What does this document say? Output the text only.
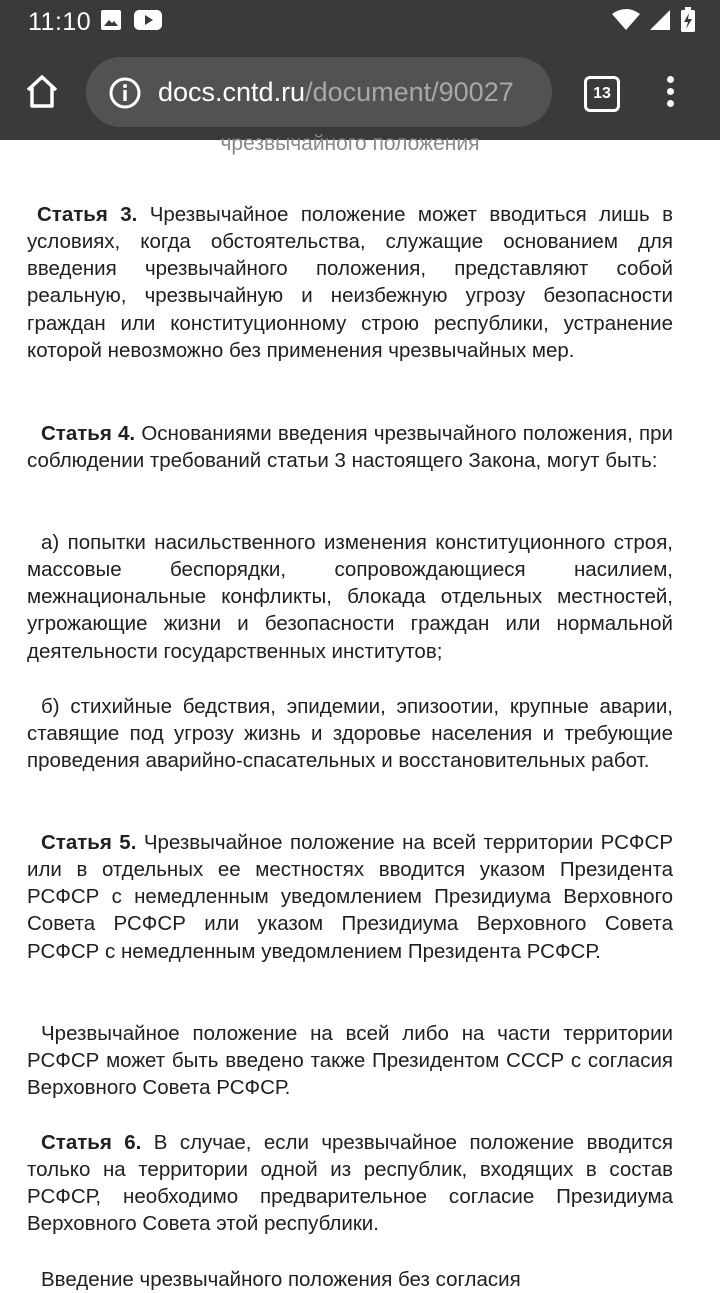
11:10
docs.cntd.ru/document/90027	13
чрезвычайного положения

Статья 3. Чрезвычайное положение может вводиться лишь в условиях, когда обстоятельства, служащие основанием для введения чрезвычайного положения, представляют собой реальную, чрезвычайную и неизбежную угрозу безопасности граждан или конституционному строю республики, устранение которой невозможно без применения чрезвычайных мер.

Статья 4. Основаниями введения чрезвычайного положения, при соблюдении требований статьи 3 настоящего Закона, могут быть:

а) попытки насильственного изменения конституционного строя, массовые беспорядки, сопровождающиеся насилием, межнациональные конфликты, блокада отдельных местностей, угрожающие жизни и безопасности граждан или нормальной деятельности государственных институтов;

б) стихийные бедствия, эпидемии, эпизоотии, крупные аварии, ставящие под угрозу жизнь и здоровье населения и требующие проведения аварийно-спасательных и восстановительных работ.

Статья 5. Чрезвычайное положение на всей территории РСФСР или в отдельных ее местностях вводится указом Президента РСФСР с немедленным уведомлением Президиума Верховного Совета РСФСР или указом Президиума Верховного Совета РСФСР с немедленным уведомлением Президента РСФСР.

Чрезвычайное положение на всей либо на части территории РСФСР может быть введено также Президентом СССР с согласия Верховного Совета РСФСР.

Статья 6. В случае, если чрезвычайное положение вводится только на территории одной из республик, входящих в состав РСФСР, необходимо предварительное согласие Президиума Верховного Совета этой республики.

Введение чрезвычайного положения без согласия
